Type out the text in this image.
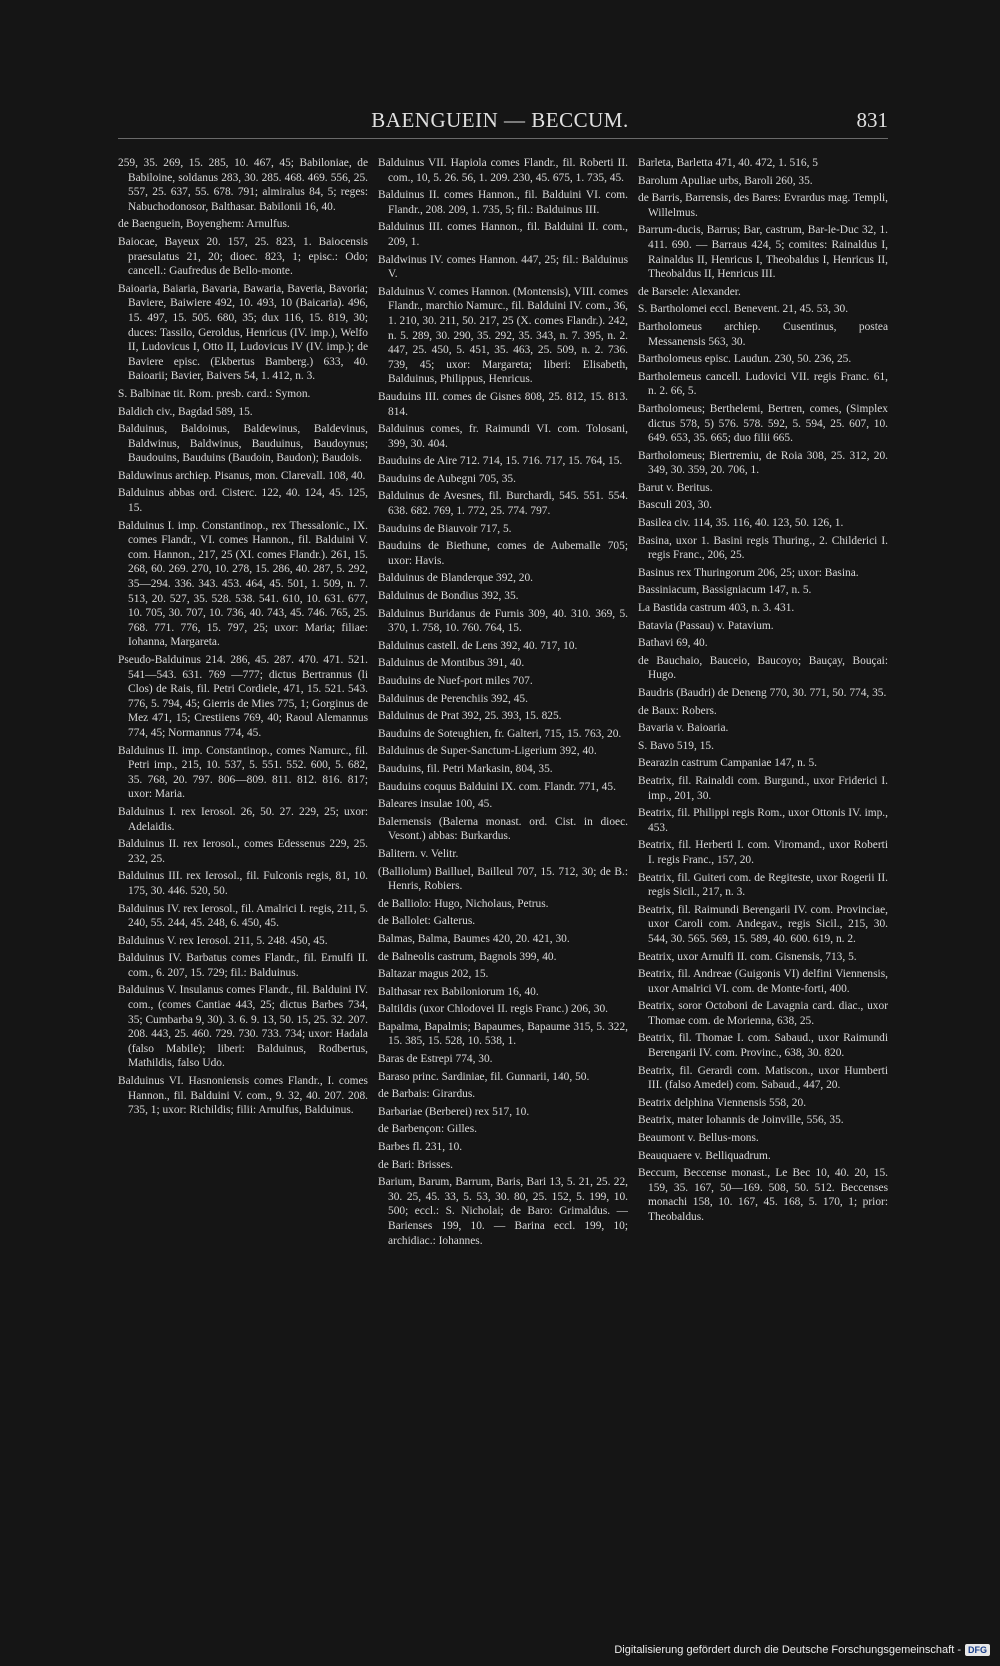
BAENGUEIN — BECCUM.	831

259, 35. 269, 15. 285, 10. 467, 45; Babiloniae, de Babiloine, soldanus 283, 30. 285. 468. 469. 556, 25. 557, 25. 637, 55. 678. 791; almiralus 84, 5; reges: Nabuchodonosor, Balthasar. Babilonii 16, 40.

de Baenguein, Boyenghem: Arnulfus.

Baiocae, Bayeux 20. 157, 25. 823, 1. Baiocensis praesulatus 21, 20; dioec. 823, 1; episc.: Odo; cancell.: Gaufredus de Bello-monte.

Baioaria, Baiaria, Bavaria, Bawaria, Baveria, Bavoria; Baviere, Baiwiere 492, 10. 493, 10 (Baicaria). 496, 15. 497, 15. 505. 680, 35; dux 116, 15. 819, 30; duces: Tassilo, Geroldus, Henricus (IV. imp.), Welfo II, Ludovicus I, Otto II, Ludovicus IV (IV. imp.); de Baviere episc. (Ekbertus Bamberg.) 633, 40. Baioarii; Bavier, Baivers 54, 1. 412, n. 3.

S. Balbinae tit. Rom. presb. card.: Symon.

Baldich civ., Bagdad 589, 15.

Balduinus, Baldoinus, Baldewinus, Baldevinus, Baldwinus, Baldwinus, Bauduinus, Baudoynus; Baudouins, Bauduins (Baudoin, Baudon); Baudois.

Balduwinus archiep. Pisanus, mon. Clarevall. 108, 40.

Balduinus abbas ord. Cisterc. 122, 40. 124, 45. 125, 15.

Balduinus I. imp. Constantinop., rex Thessalonic., IX. comes Flandr., VI. comes Hannon., fil. Balduini V. com. Hannon., 217, 25 (XI. comes Flandr.). 261, 15. 268, 60. 269. 270, 10. 278, 15. 286, 40. 287, 5. 292, 35—294. 336. 343. 453. 464, 45. 501, 1. 509, n. 7. 513, 20. 527, 35. 528. 538. 541. 610, 10. 631. 677, 10. 705, 30. 707, 10. 736, 40. 743, 45. 746. 765, 25. 768. 771. 776, 15. 797, 25; uxor: Maria; filiae: Iohanna, Margareta.

Pseudo-Balduinus 214. 286, 45. 287. 470. 471. 521. 541—543. 631. 769 —777; dictus Bertrannus (li Clos) de Rais, fil. Petri Cordiele, 471, 15. 521. 543. 776, 5. 794, 45; Gierris de Mies 775, 1; Gorginus de Mez 471, 15; Crestiiens 769, 40; Raoul Alemannus 774, 45; Normannus 774, 45.

Balduinus II. imp. Constantinop., comes Namurc., fil. Petri imp., 215, 10. 537, 5. 551. 552. 600, 5. 682, 35. 768, 20. 797. 806—809. 811. 812. 816. 817; uxor: Maria.

Balduinus I. rex Ierosol. 26, 50. 27. 229, 25; uxor: Adelaidis.

Balduinus II. rex Ierosol., comes Edessenus 229, 25. 232, 25.

Balduinus III. rex Ierosol., fil. Fulconis regis, 81, 10. 175, 30. 446. 520, 50.

Balduinus IV. rex Ierosol., fil. Amalrici I. regis, 211, 5. 240, 55. 244, 45. 248, 6. 450, 45.

Balduinus V. rex Ierosol. 211, 5. 248. 450, 45.

Balduinus IV. Barbatus comes Flandr., fil. Ernulfi II. com., 6. 207, 15. 729; fil.: Balduinus.

Balduinus V. Insulanus comes Flandr., fil. Balduini IV. com., (comes Cantiae 443, 25; dictus Barbes 734, 35; Cumbarba 9, 30). 3. 6. 9. 13, 50. 15, 25. 32. 207. 208. 443, 25. 460. 729. 730. 733. 734; uxor: Hadala (falso Mabile); liberi: Balduinus, Rodbertus, Mathildis, falso Udo.

Balduinus VI. Hasnoniensis comes Flandr., I. comes Hannon., fil. Balduini V. com., 9. 32, 40. 207. 208. 735, 1; uxor: Richildis; filii: Arnulfus, Balduinus.

Balduinus VII. Hapiola comes Flandr., fil. Roberti II. com., 10, 5. 26. 56, 1. 209. 230, 45. 675, 1. 735, 45.

Balduinus II. comes Hannon., fil. Balduini VI. com. Flandr., 208. 209, 1. 735, 5; fil.: Balduinus III.

Balduinus III. comes Hannon., fil. Balduini II. com., 209, 1.

Baldwinus IV. comes Hannon. 447, 25; fil.: Balduinus V.

Balduinus V. comes Hannon. (Montensis), VIII. comes Flandr., marchio Namurc., fil. Balduini IV. com., 36, 1. 210, 30. 211, 50. 217, 25 (X. comes Flandr.). 242, n. 5. 289, 30. 290, 35. 292, 35. 343, n. 7. 395, n. 2. 447, 25. 450, 5. 451, 35. 463, 25. 509, n. 2. 736. 739, 45; uxor: Margareta; liberi: Elisabeth, Balduinus, Philippus, Henricus.

Bauduins III. comes de Gisnes 808, 25. 812, 15. 813. 814.

Balduinus comes, fr. Raimundi VI. com. Tolosani, 399, 30. 404.

Bauduins de Aire 712. 714, 15. 716. 717, 15. 764, 15.

Bauduins de Aubegni 705, 35.

Balduinus de Avesnes, fil. Burchardi, 545. 551. 554. 638. 682. 769, 1. 772, 25. 774. 797.

Bauduins de Biauvoir 717, 5.

Bauduins de Biethune, comes de Aubemalle 705; uxor: Havis.

Balduinus de Blanderque 392, 20.

Balduinus de Bondius 392, 35.

Balduinus Buridanus de Furnis 309, 40. 310. 369, 5. 370, 1. 758, 10. 760. 764, 15.

Balduinus castell. de Lens 392, 40. 717, 10.

Balduinus de Montibus 391, 40.

Bauduins de Nuef-port miles 707.

Balduinus de Perenchiis 392, 45.

Balduinus de Prat 392, 25. 393, 15. 825.

Bauduins de Soteughien, fr. Galteri, 715, 15. 763, 20.

Balduinus de Super-Sanctum-Ligerium 392, 40.

Bauduins, fil. Petri Markasin, 804, 35.

Bauduins coquus Balduini IX. com. Flandr. 771, 45.

Baleares insulae 100, 45.

Balernensis (Balerna monast. ord. Cist. in dioec. Vesont.) abbas: Burkardus.

Balitern. v. Velitr.

(Balliolum) Bailluel, Bailleul 707, 15. 712, 30; de B.: Henris, Robiers.

de Balliolo: Hugo, Nicholaus, Petrus.

de Ballolet: Galterus.

Balmas, Balma, Baumes 420, 20. 421, 30.

de Balneolis castrum, Bagnols 399, 40.

Baltazar magus 202, 15.

Balthasar rex Babiloniorum 16, 40.

Baltildis (uxor Chlodovei II. regis Franc.) 206, 30.

Bapalma, Bapalmis; Bapaumes, Bapaume 315, 5. 322, 15. 385, 15. 528, 10. 538, 1.

Baras de Estrepi 774, 30.

Baraso princ. Sardiniae, fil. Gunnarii, 140, 50.

de Barbais: Girardus.

Barbariae (Berberei) rex 517, 10.

de Barbençon: Gilles.

Barbes fl. 231, 10.

de Bari: Brisses.

Barium, Barum, Barrum, Baris, Bari 13, 5. 21, 25. 22, 30. 25, 45. 33, 5. 53, 30. 80, 25. 152, 5. 199, 10. 500; eccl.: S. Nicholai; de Baro: Grimaldus. — Barienses 199, 10. — Barina eccl. 199, 10; archidiac.: Iohannes.

Barleta, Barletta 471, 40. 472, 1. 516, 5

Barolum Apuliae urbs, Baroli 260, 35.

de Barris, Barrensis, des Bares: Evrardus mag. Templi, Willelmus.

Barrum-ducis, Barrus; Bar, castrum, Bar-le-Duc 32, 1. 411. 690. — Barraus 424, 5; comites: Rainaldus I, Rainaldus II, Henricus I, Theobaldus I, Henricus II, Theobaldus II, Henricus III.

de Barsele: Alexander.

S. Bartholomei eccl. Benevent. 21, 45. 53, 30.

Bartholomeus archiep. Cusentinus, postea Messanensis 563, 30.

Bartholomeus episc. Laudun. 230, 50. 236, 25.

Bartholemeus cancell. Ludovici VII. regis Franc. 61, n. 2. 66, 5.

Bartholomeus; Berthelemi, Bertren, comes, (Simplex dictus 578, 5) 576. 578. 592, 5. 594, 25. 607, 10. 649. 653, 35. 665; duo filii 665.

Bartholomeus; Biertremiu, de Roia 308, 25. 312, 20. 349, 30. 359, 20. 706, 1.

Barut v. Beritus.

Basculi 203, 30.

Basilea civ. 114, 35. 116, 40. 123, 50. 126, 1.

Basina, uxor 1. Basini regis Thuring., 2. Childerici I. regis Franc., 206, 25.

Basinus rex Thuringorum 206, 25; uxor: Basina.

Bassiniacum, Bassigniacum 147, n. 5.

La Bastida castrum 403, n. 3. 431.

Batavia (Passau) v. Patavium.

Bathavi 69, 40.

de Bauchaio, Bauceio, Baucoyo; Bauçay, Bouçai: Hugo.

Baudris (Baudri) de Deneng 770, 30. 771, 50. 774, 35.

de Baux: Robers.

Bavaria v. Baioaria.

S. Bavo 519, 15.

Bearazin castrum Campaniae 147, n. 5.

Beatrix, fil. Rainaldi com. Burgund., uxor Friderici I. imp., 201, 30.

Beatrix, fil. Philippi regis Rom., uxor Ottonis IV. imp., 453.

Beatrix, fil. Herberti I. com. Viromand., uxor Roberti I. regis Franc., 157, 20.

Beatrix, fil. Guiteri com. de Regiteste, uxor Rogerii II. regis Sicil., 217, n. 3.

Beatrix, fil. Raimundi Berengarii IV. com. Provinciae, uxor Caroli com. Andegav., regis Sicil., 215, 30. 544, 30. 565. 569, 15. 589, 40. 600. 619, n. 2.

Beatrix, uxor Arnulfi II. com. Gisnensis, 713, 5.

Beatrix, fil. Andreae (Guigonis VI) delfini Viennensis, uxor Amalrici VI. com. de Monte-forti, 400.

Beatrix, soror Octoboni de Lavagnia card. diac., uxor Thomae com. de Morienna, 638, 25.

Beatrix, fil. Thomae I. com. Sabaud., uxor Raimundi Berengarii IV. com. Provinc., 638, 30. 820.

Beatrix, fil. Gerardi com. Matiscon., uxor Humberti III. (falso Amedei) com. Sabaud., 447, 20.

Beatrix delphina Viennensis 558, 20.

Beatrix, mater Iohannis de Joinville, 556, 35.

Beaumont v. Bellus-mons.

Beauquaere v. Belliquadrum.

Beccum, Beccense monast., Le Bec 10, 40. 20, 15. 159, 35. 167, 50—169. 508, 50. 512. Beccenses monachi 158, 10. 167, 45. 168, 5. 170, 1; prior: Theobaldus.

Digitalisierung gefördert durch die Deutsche Forschungsgemeinschaft - DFG
